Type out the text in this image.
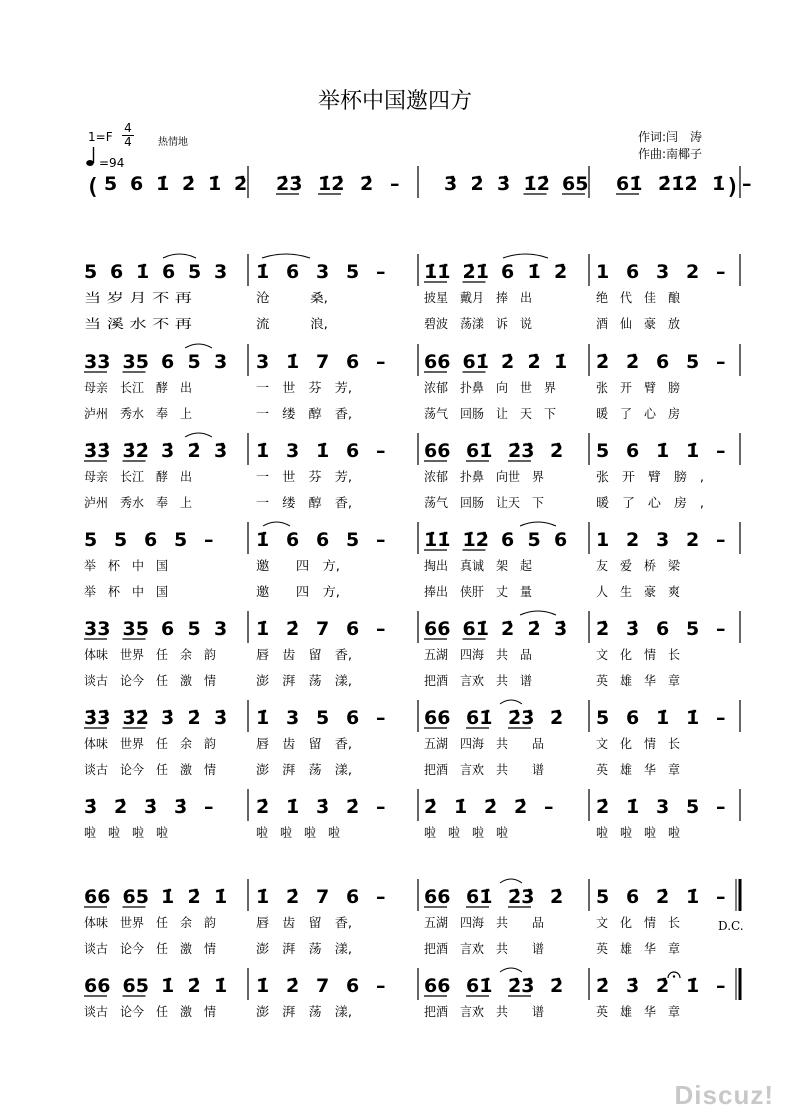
举杯中国邀四方
1=F
4
4	热情地
=94
作词:闫　涛
作曲:南椰子
(	)
D.C.
5 6 1̇ 2̇ 1̇ 2̇ 2̇3̇ 1̇2̇ 2̇ – 3̇ 2̇ 3̇ 1̇2̇ 65 61̇ 2̇1̇2̇ 1̇ –
5 6 1̇ 6 5 3 1̇ 6 3 5 – 1̇1̇ 2̇1̇ 6 1̇ 2̇ 1 6 3 2 –
当 岁 月 不 再	沧　　　桑,	披星　戴月　捧　出	绝　代　佳　酿
当 溪 水 不 再	流　　　浪,	碧波　荡漾　诉　说	酒　仙　豪　放
33 35 6 5 3 3 1̇ 7 6 – 66 61̇ 2̇ 2̇ 1̇ 2̇ 2̇ 6 5 –
母亲　长江　酵　出	一　世　芬　芳,	浓郁　扑鼻　向　世　界	张　开　臂　膀
泸州　秀水　奉　上	一　缕　醇　香,	荡气　回肠　让　天　下	暖　了　心　房
3̇3̇ 3̇2̇ 3̇ 2̇ 3̇ 1̇ 3 1̇ 6 – 66 61̇ 2̇3̇ 2̇ 5 6 1̇ 1̇ –
母亲　长江　酵　出	一　世　芬　芳,	浓郁　扑鼻　向世　界	张　开　臂　膀　,
泸州　秀水　奉　上	一　缕　醇　香,	荡气　回肠　让天　下	暖　了　心　房　,
5 5 6 5 – 1̇ 6 6 5 – 1̇1̇ 1̇2̇ 6 5 6 1 2 3 2 –
举　杯　中　国	邀　　四　方,	掏出　真诚　架　起	友　爱　桥　梁
举　杯　中　国	邀　　四　方,	捧出　侠肝　丈　量	人　生　豪　爽
33 35 6 5 3 1̇ 2̇ 7 6 – 66 61̇ 2̇ 2̇ 3̇ 2̇ 3̇ 6 5 –
体味　世界　任　余　韵	唇　齿　留　香,	五湖　四海　共　品	文　化　情　长
谈古　论今　任　激　情	澎　湃　荡　漾,	把酒　言欢　共　谱	英　雄　华　章
3̇3̇ 3̇2̇ 3̇ 2̇ 3̇ 1̇ 3 5 6 – 66 61̇ 2̇3̇ 2̇ 5 6 1̇ 1̇ –
体味　世界　任　余　韵	唇　齿　留　香,	五湖　四海　共　　品	文　化　情　长
谈古　论今　任　激　情	澎　湃　荡　漾,	把酒　言欢　共　　谱	英　雄　华　章
3̇ 2̇ 3̇ 3̇ – 2̇ 1̇ 3̇ 2̇ – 2̇ 1̇ 2̇ 2̇ – 2̇ 1̇ 3 5 –
啦　啦　啦　啦	啦　啦　啦　啦	啦　啦　啦　啦	啦　啦　啦　啦
66 65 1̇ 2̇ 1̇ 1̇ 2̇ 7 6 – 66 61̇ 2̇3̇ 2̇ 5 6 2̇ 1̇ –
体味　世界　任　余　韵	唇　齿　留　香,	五湖　四海　共　　品	文　化　情　长
谈古　论今　任　激　情	澎　湃　荡　漾,	把酒　言欢　共　　谱	英　雄　华　章
66 65 1̇ 2̇ 1̇ 1̇ 2̇ 7 6 – 66 61̇ 2̇3̇ 2̇ 2̇ 3̇ 2̇ 1̇ –
谈古　论今　任　激　情	澎　湃　荡　漾,	把酒　言欢　共　　谱	英　雄　华　章
Discuz!
